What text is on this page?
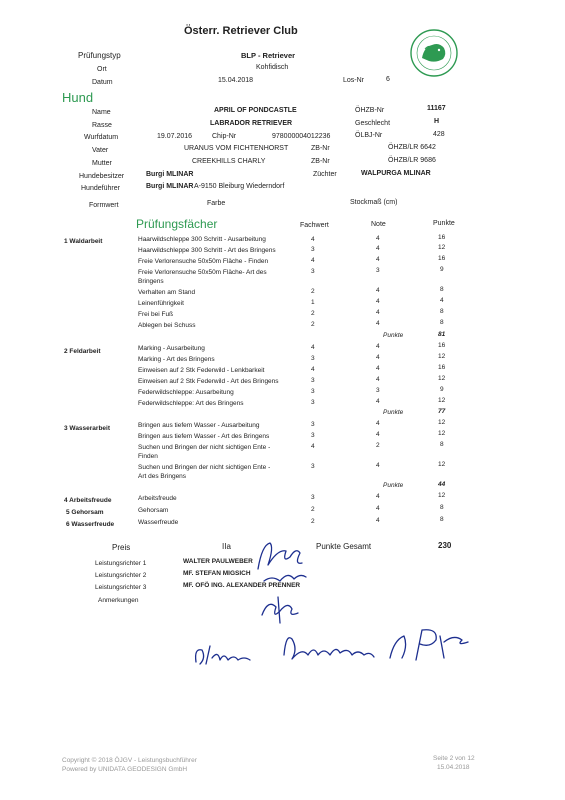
Österr. Retriever Club
Prüfungstyp	BLP - Retriever
Ort	Kohfidisch
Datum	15.04.2018	Los-Nr	6
Hund
Name	APRIL OF PONDCASTLE	ÖHZB-Nr	11167
Rasse	LABRADOR RETRIEVER	Geschlecht	H
Wurfdatum	19.07.2016	Chip-Nr	978000004012236	ÖLBJ-Nr	428
Vater	URANUS VOM FICHTENHORST	ZB-Nr	ÖHZB/LR 6642
Mutter	CREEKHILLS CHARLY	ZB-Nr	ÖHZB/LR 9686
Hundebesitzer	Burgi MLINAR	Züchter	WALPURGA MLINAR
Hundeführer	Burgi MLINAR A-9150 Bleiburg Wiederndorf
Formwert	Farbe	Stockmaß (cm)
Prüfungsfächer	Fachwert	Note	Punkte
1 Waldarbeit	Haarwildschleppe 300 Schritt - Ausarbeitung	4	4	16
Haarwildschleppe 300 Schritt - Art des Bringens	3	4	12
Freie Verlorensuche 50x50m Fläche - Finden	4	4	16
Freie Verlorensuche 50x50m Fläche- Art des
Bringens
3	3	9
Verhalten am Stand	2	4	8
Leinenführigkeit	1	4	4
Frei bei Fuß	2	4	8
Ablegen bei Schuss	2	4	8
Punkte	81
2 Feldarbeit	Marking - Ausarbeitung	4	4	16
Marking - Art des Bringens	3	4	12
Einweisen auf 2 Stk Federwild - Lenkbarkeit	4	4	16
Einweisen auf 2 Stk Federwild - Art des Bringens	3	4	12
Federwildschleppe: Ausarbeitung	3	3	9
Federwildschleppe: Art des Bringens	3	4	12
Punkte	77
3 Wasserarbeit	Bringen aus tiefem Wasser - Ausarbeitung	3	4	12
Bringen aus tiefem Wasser - Art des Bringens	3	4	12
Suchen und Bringen der nicht sichtigen Ente -
Finden
4	2	8
Suchen und Bringen der nicht sichtigen Ente -
Art des Bringens
3	4	12
Punkte	44
4 Arbeitsfreude	Arbeitsfreude	3	4	12
5 Gehorsam	Gehorsam	2	4	8
6 Wasserfreude	Wasserfreude	2	4	8
Preis	IIa	Punkte Gesamt	230
Leistungsrichter 1	WALTER PAULWEBER
Leistungsrichter 2	MF. STEFAN MIGSICH
Leistungsrichter 3	MF. OFÖ ING. ALEXANDER PRENNER
Anmerkungen
Copyright © 2018 ÖJGV - Leistungsbuchführer
Powered by UNIDATA GEODESIGN GmbH
Seite 2 von 12
15.04.2018
